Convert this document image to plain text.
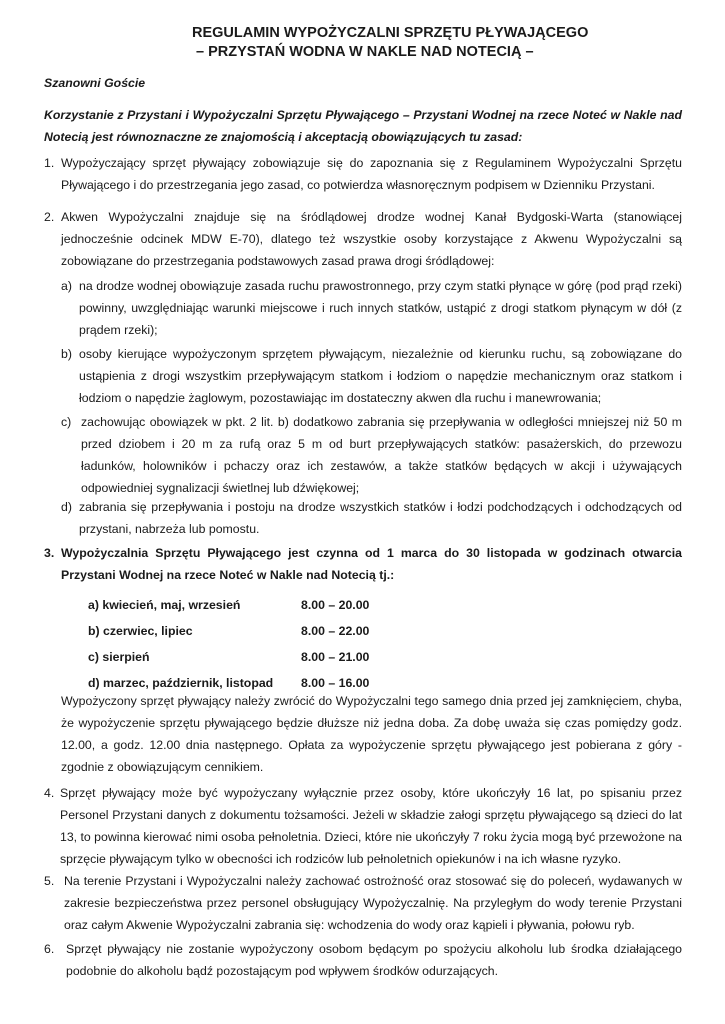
REGULAMIN WYPOŻYCZALNI SPRZĘTU PŁYWAJĄCEGO
– PRZYSTAŃ WODNA W NAKLE NAD NOTECIĄ –
Szanowni Goście
Korzystanie z Przystani i Wypożyczalni Sprzętu Pływającego – Przystani Wodnej na rzece Noteć w Nakle nad Notecią jest równoznaczne ze znajomością i akceptacją obowiązujących tu zasad:
1. Wypożyczający sprzęt pływający zobowiązuje się do zapoznania się z Regulaminem Wypożyczalni Sprzętu Pływającego i do przestrzegania jego zasad, co potwierdza własnoręcznym podpisem w Dzienniku Przystani.
2. Akwen Wypożyczalni znajduje się na śródlądowej drodze wodnej Kanał Bydgoski-Warta (stanowiącej jednocześnie odcinek MDW E-70), dlatego też wszystkie osoby korzystające z Akwenu Wypożyczalni są zobowiązane do przestrzegania podstawowych zasad prawa drogi śródlądowej:
a) na drodze wodnej obowiązuje zasada ruchu prawostronnego, przy czym statki płynące w górę (pod prąd rzeki) powinny, uwzględniając warunki miejscowe i ruch innych statków, ustąpić z drogi statkom płynącym w dół (z prądem rzeki);
b) osoby kierujące wypożyczonym sprzętem pływającym, niezależnie od kierunku ruchu, są zobowiązane do ustąpienia z drogi wszystkim przepływającym statkom i łodziom o napędzie mechanicznym oraz statkom i łodziom o napędzie żaglowym, pozostawiając im dostateczny akwen dla ruchu i manewrowania;
c) zachowując obowiązek w pkt. 2 lit. b) dodatkowo zabrania się przepływania w odległości mniejszej niż 50 m przed dziobem i 20 m za rufą oraz 5 m od burt przepływających statków: pasażerskich, do przewozu ładunków, holowników i pchaczy oraz ich zestawów, a także statków będących w akcji i używających odpowiedniej sygnalizacji świetlnej lub dźwiękowej;
d) zabrania się przepływania i postoju na drodze wszystkich statków i łodzi podchodzących i odchodzących od przystani, nabrzeża lub pomostu.
3. Wypożyczalnia Sprzętu Pływającego jest czynna od 1 marca do 30 listopada w godzinach otwarcia Przystani Wodnej na rzece Noteć w Nakle nad Notecią tj.:
a) kwiecień, maj, wrzesień	8.00 – 20.00
b) czerwiec, lipiec	8.00 – 22.00
c) sierpień	8.00 – 21.00
d) marzec, październik, listopad 8.00 – 16.00
Wypożyczony sprzęt pływający należy zwrócić do Wypożyczalni tego samego dnia przed jej zamknięciem, chyba, że wypożyczenie sprzętu pływającego będzie dłuższe niż jedna doba. Za dobę uważa się czas pomiędzy godz. 12.00, a godz. 12.00 dnia następnego. Opłata za wypożyczenie sprzętu pływającego jest pobierana z góry - zgodnie z obowiązującym cennikiem.
4. Sprzęt pływający może być wypożyczany wyłącznie przez osoby, które ukończyły 16 lat, po spisaniu przez Personel Przystani danych z dokumentu tożsamości. Jeżeli w składzie załogi sprzętu pływającego są dzieci do lat 13, to powinna kierować nimi osoba pełnoletnia. Dzieci, które nie ukończyły 7 roku życia mogą być przewożone na sprzęcie pływającym tylko w obecności ich rodziców lub pełnoletnich opiekunów i na ich własne ryzyko.
5. Na terenie Przystani i Wypożyczalni należy zachować ostrożność oraz stosować się do poleceń, wydawanych w zakresie bezpieczeństwa przez personel obsługujący Wypożyczalnię. Na przyległym do wody terenie Przystani oraz całym Akwenie Wypożyczalni zabrania się: wchodzenia do wody oraz kąpieli i pływania, połowu ryb.
6. Sprzęt pływający nie zostanie wypożyczony osobom będącym po spożyciu alkoholu lub środka działającego podobnie do alkoholu bądź pozostającym pod wpływem środków odurzających.
